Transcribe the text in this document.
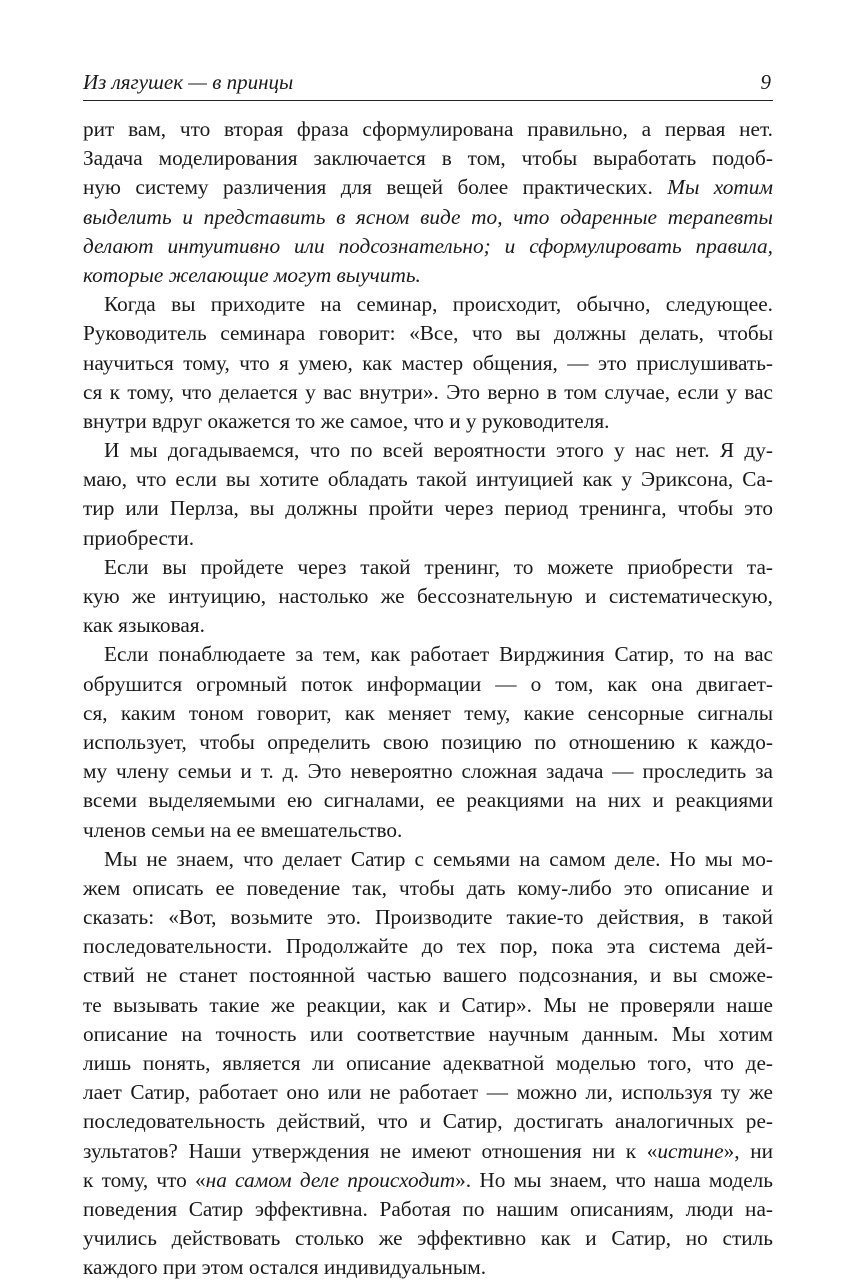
Из лягушек — в принцы	9
рит вам, что вторая фраза сформулирована правильно, а первая нет.
Задача моделирования заключается в том, чтобы выработать подоб-
ную систему различения для вещей более практических. Мы хотим
выделить и представить в ясном виде то, что одаренные терапевты
делают интуитивно или подсознательно; и сформулировать правила,
которые желающие могут выучить.
Когда вы приходите на семинар, происходит, обычно, следующее.
Руководитель семинара говорит: «Все, что вы должны делать, чтобы
научиться тому, что я умею, как мастер общения, — это прислушивать-
ся к тому, что делается у вас внутри». Это верно в том случае, если у вас
внутри вдруг окажется то же самое, что и у руководителя.
И мы догадываемся, что по всей вероятности этого у нас нет. Я ду-
маю, что если вы хотите обладать такой интуицией как у Эриксона, Са-
тир или Перлза, вы должны пройти через период тренинга, чтобы это
приобрести.
Если вы пройдете через такой тренинг, то можете приобрести та-
кую же интуицию, настолько же бессознательную и систематическую,
как языковая.
Если понаблюдаете за тем, как работает Вирджиния Сатир, то на вас
обрушится огромный поток информации — о том, как она двигает-
ся, каким тоном говорит, как меняет тему, какие сенсорные сигналы
использует, чтобы определить свою позицию по отношению к каждо-
му члену семьи и т. д. Это невероятно сложная задача — проследить за
всеми выделяемыми ею сигналами, ее реакциями на них и реакциями
членов семьи на ее вмешательство.
Мы не знаем, что делает Сатир с семьями на самом деле. Но мы мо-
жем описать ее поведение так, чтобы дать кому-либо это описание и
сказать: «Вот, возьмите это. Производите такие-то действия, в такой
последовательности. Продолжайте до тех пор, пока эта система дей-
ствий не станет постоянной частью вашего подсознания, и вы сможе-
те вызывать такие же реакции, как и Сатир». Мы не проверяли наше
описание на точность или соответствие научным данным. Мы хотим
лишь понять, является ли описание адекватной моделью того, что де-
лает Сатир, работает оно или не работает — можно ли, используя ту же
последовательность действий, что и Сатир, достигать аналогичных ре-
зультатов? Наши утверждения не имеют отношения ни к «истине», ни
к тому, что «на самом деле происходит». Но мы знаем, что наша модель
поведения Сатир эффективна. Работая по нашим описаниям, люди на-
учились действовать столько же эффективно как и Сатир, но стиль
каждого при этом остался индивидуальным.
